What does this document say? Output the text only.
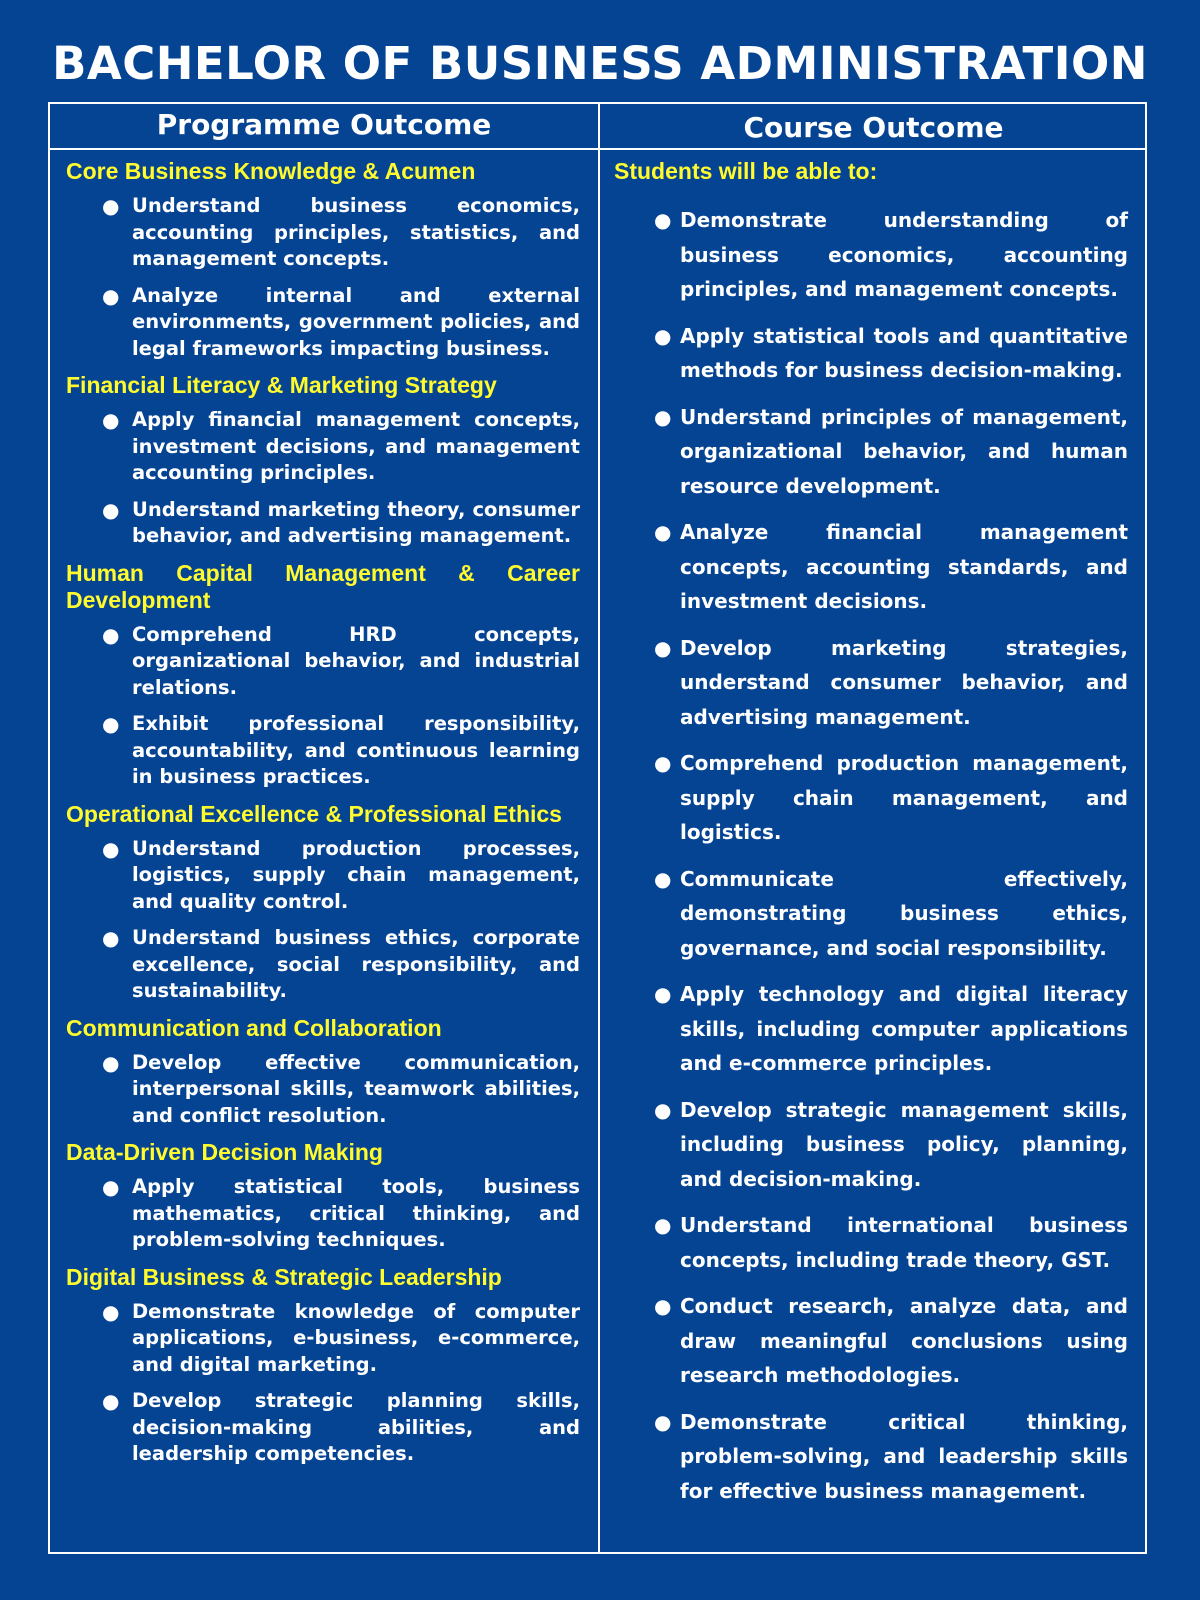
BACHELOR OF BUSINESS ADMINISTRATION
Programme Outcome	Course Outcome

Core Business Knowledge & Acumen

● Understand business economics, accounting principles, statistics, and management concepts.
● Analyze internal and external environments, government policies, and legal frameworks impacting business.

Financial Literacy & Marketing Strategy

● Apply financial management concepts, investment decisions, and management accounting principles.
● Understand marketing theory, consumer behavior, and advertising management.

Human Capital Management & Career Development

● Comprehend HRD concepts, organizational behavior, and industrial relations.
● Exhibit professional responsibility, accountability, and continuous learning in business practices.

Operational Excellence & Professional Ethics

● Understand production processes, logistics, supply chain management, and quality control.
● Understand business ethics, corporate excellence, social responsibility, and sustainability.

Communication and Collaboration

● Develop effective communication, interpersonal skills, teamwork abilities, and conflict resolution.

Data-Driven Decision Making

● Apply statistical tools, business mathematics, critical thinking, and problem-solving techniques.

Digital Business & Strategic Leadership

● Demonstrate knowledge of computer applications, e-business, e-commerce, and digital marketing.
● Develop strategic planning skills, decision-making abilities, and leadership competencies.

Students will be able to:

● Demonstrate understanding of business economics, accounting principles, and management concepts.
● Apply statistical tools and quantitative methods for business decision-making.
● Understand principles of management, organizational behavior, and human resource development.
● Analyze financial management concepts, accounting standards, and investment decisions.
● Develop marketing strategies, understand consumer behavior, and advertising management.
● Comprehend production management, supply chain management, and logistics.
● Communicate effectively, demonstrating business ethics, governance, and social responsibility.
● Apply technology and digital literacy skills, including computer applications and e-commerce principles.
● Develop strategic management skills, including business policy, planning, and decision-making.
● Understand international business concepts, including trade theory, GST.
● Conduct research, analyze data, and draw meaningful conclusions using research methodologies.
● Demonstrate critical thinking, problem-solving, and leadership skills for effective business management.
